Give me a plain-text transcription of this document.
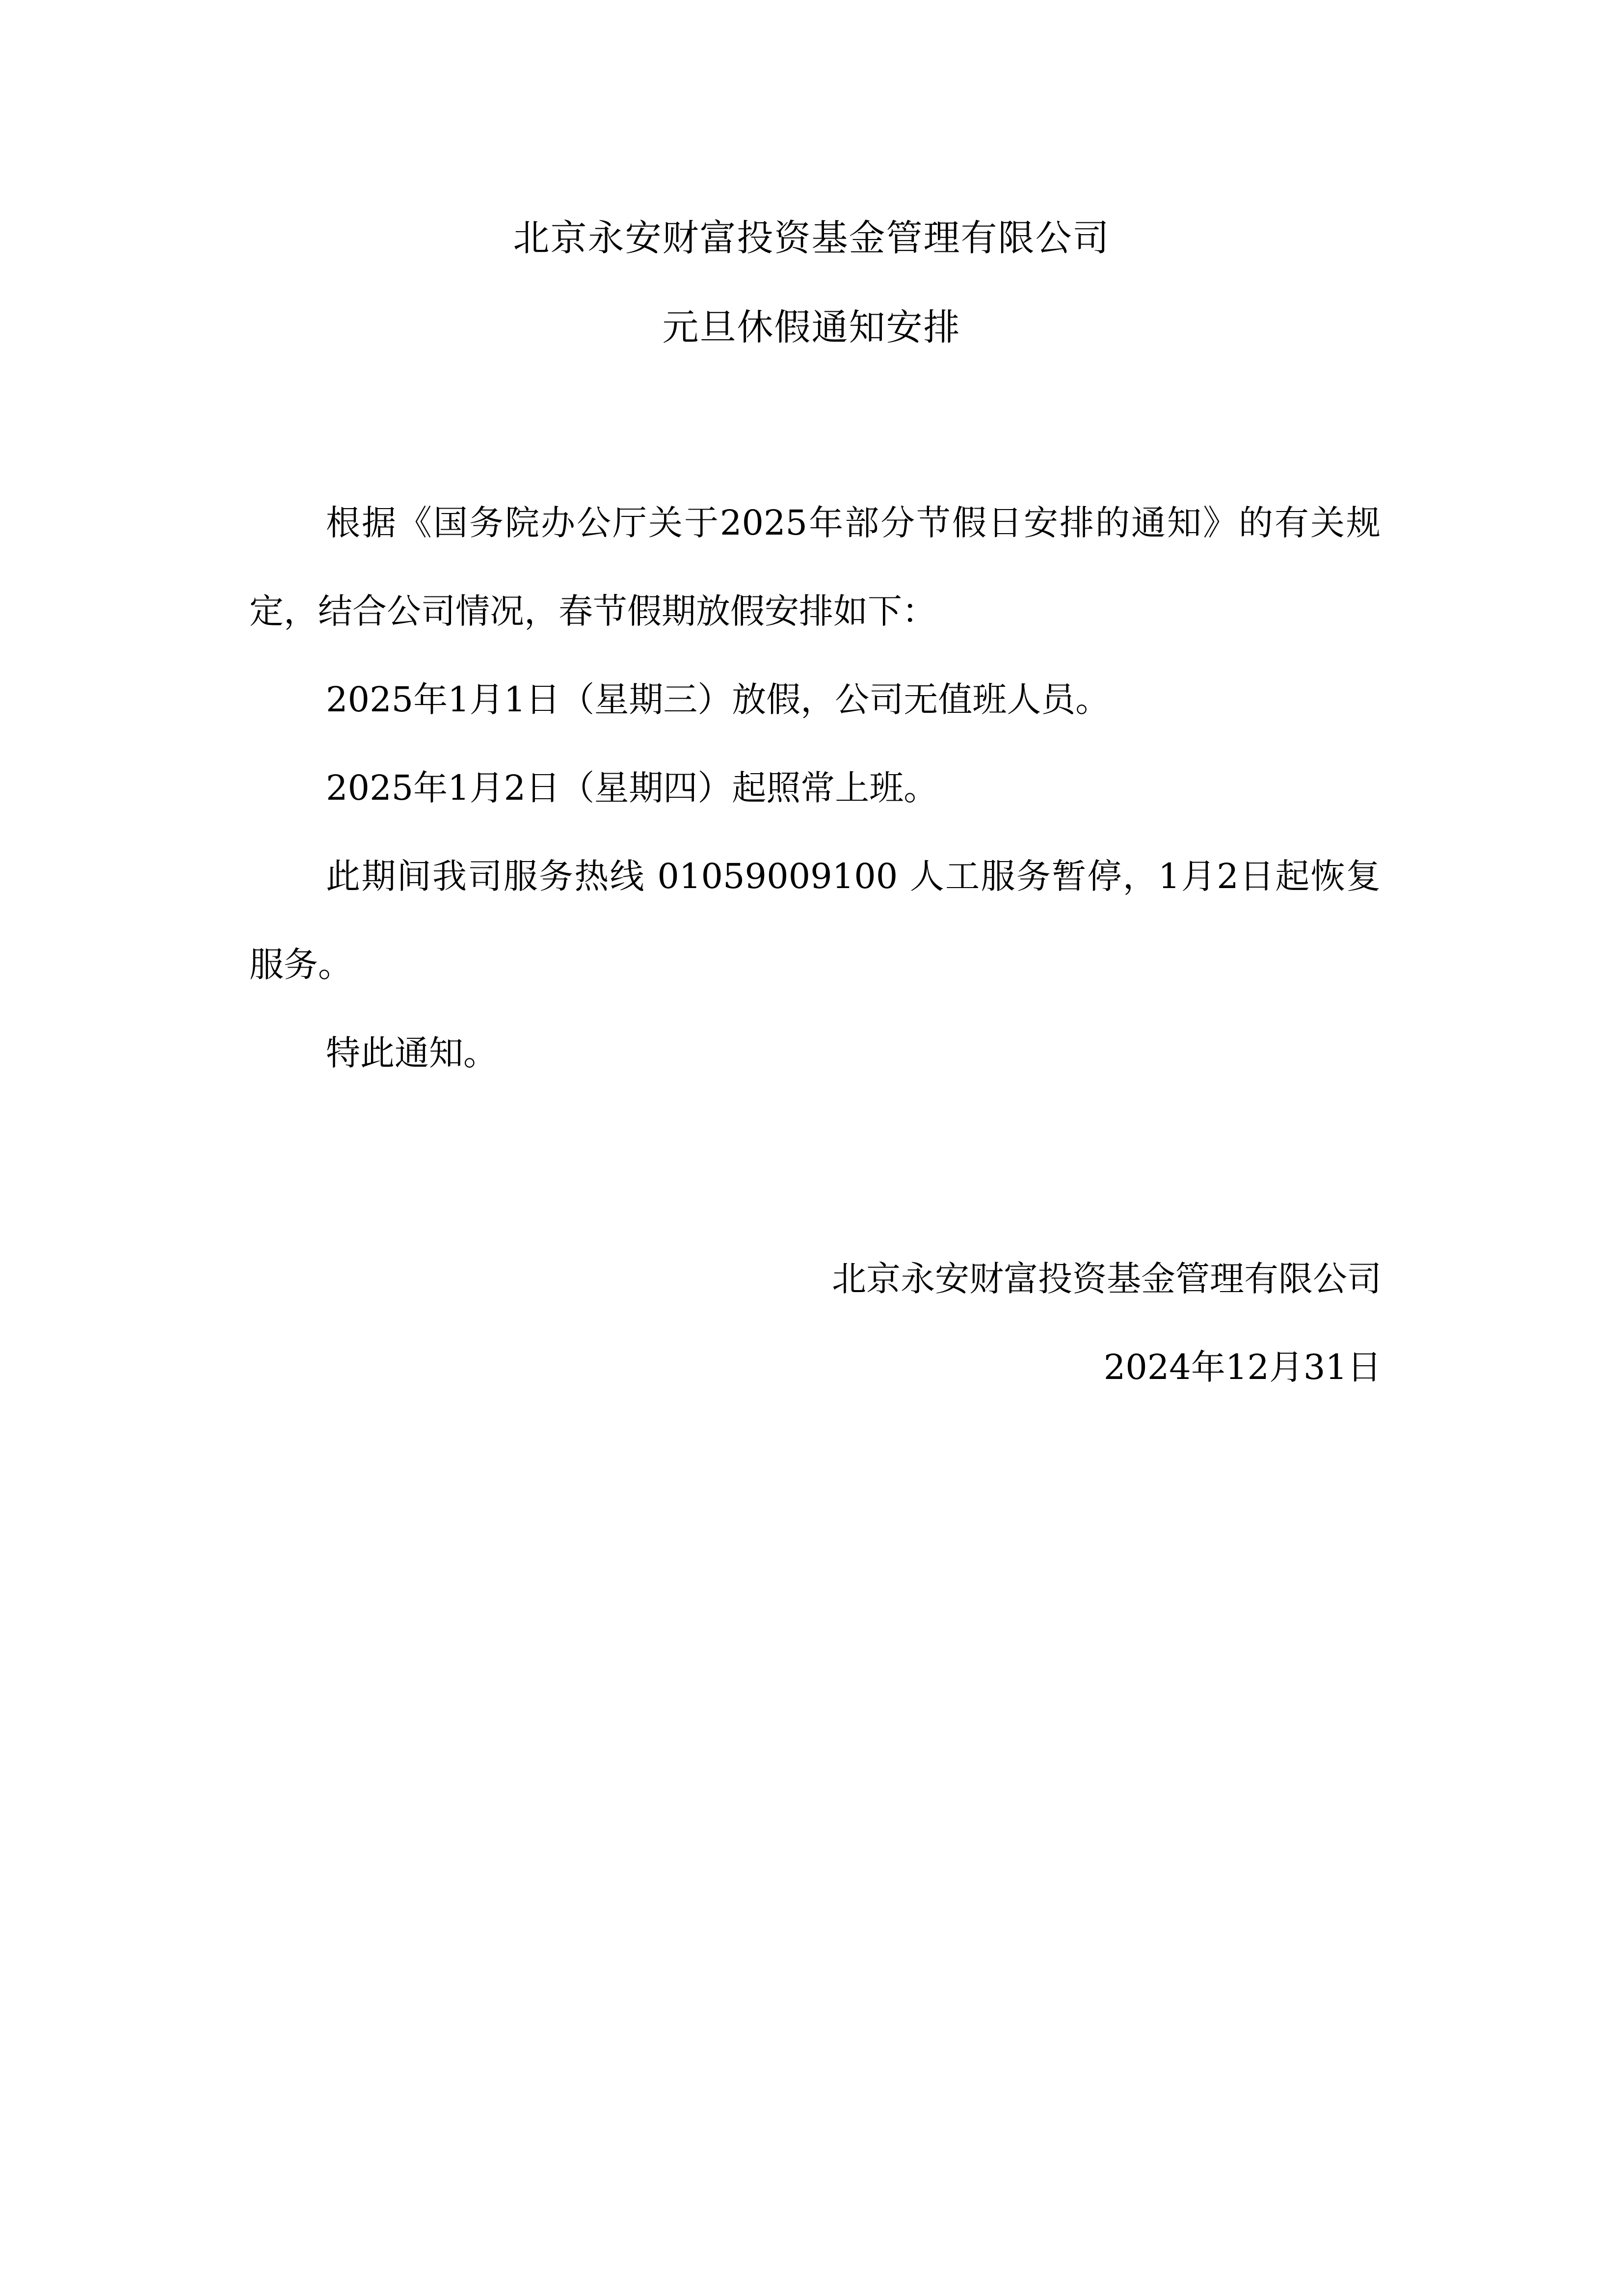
北京永安财富投资基金管理有限公司
元旦休假通知安排

根据《国务院办公厅关于2025年部分节假日安排的通知》的有关规定，结合公司情况，春节假期放假安排如下：

2025年1月1日（星期三）放假，公司无值班人员。

2025年1月2日（星期四）起照常上班。

此期间我司服务热线 01059009100 人工服务暂停，1月2日起恢复服务。

特此通知。

北京永安财富投资基金管理有限公司
2024年12月31日
